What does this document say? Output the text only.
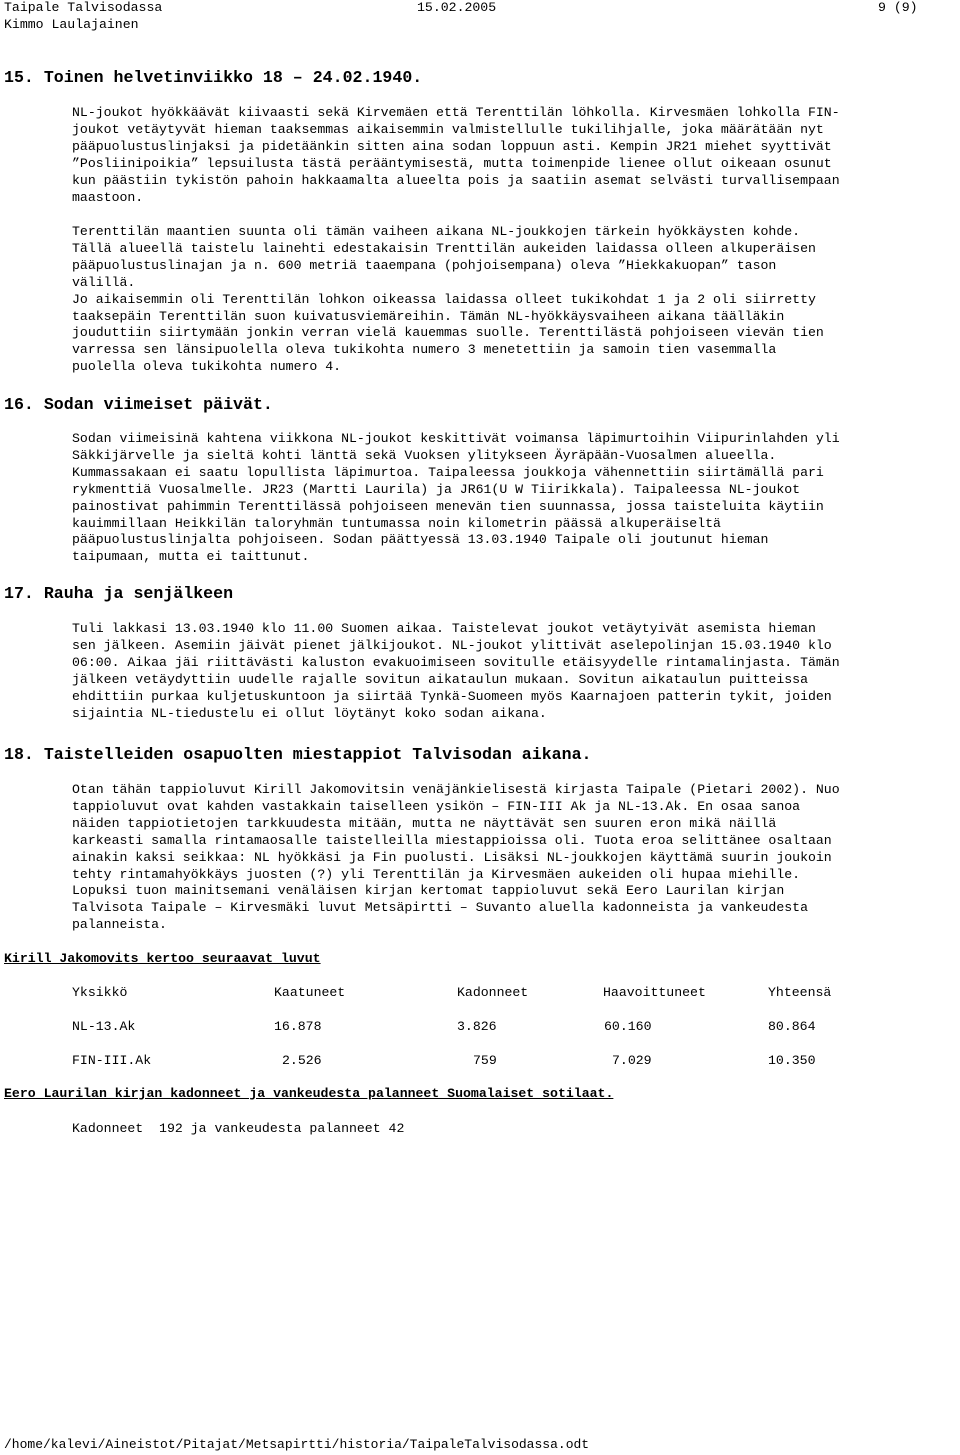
Taipale Talvisodassa	15.02.2005	9 (9)
Kimmo Laulajainen
15. Toinen helvetinviikko 18 – 24.02.1940.

NL-joukot hyökkäävät kiivaasti sekä Kirvemäen että Terenttilän löhkolla. Kirvesmäen lohkolla FIN-
joukot vetäytyvät hieman taaksemmas aikaisemmin valmistellulle tukilihjalle, joka määrätään nyt
pääpuolustuslinjaksi ja pidetäänkin sitten aina sodan loppuun asti. Kempin JR21 miehet syyttivät
”Posliinipoikia” lepsuilusta tästä perääntymisestä, mutta toimenpide lienee ollut oikeaan osunut
kun päästiin tykistön pahoin hakkaamalta alueelta pois ja saatiin asemat selvästi turvallisempaan
maastoon.

Terenttilän maantien suunta oli tämän vaiheen aikana NL-joukkojen tärkein hyökkäysten kohde.
Tällä alueellä taistelu lainehti edestakaisin Trenttilän aukeiden laidassa olleen alkuperäisen
pääpuolustuslinajan ja n. 600 metriä taaempana (pohjoisempana) oleva ”Hiekkakuopan” tason
välillä.
Jo aikaisemmin oli Terenttilän lohkon oikeassa laidassa olleet tukikohdat 1 ja 2 oli siirretty
taaksepäin Terenttilän suon kuivatusviemäreihin. Tämän NL-hyökkäysvaiheen aikana täälläkin
jouduttiin siirtymään jonkin verran vielä kauemmas suolle. Terenttilästä pohjoiseen vievän tien
varressa sen länsipuolella oleva tukikohta numero 3 menetettiin ja samoin tien vasemmalla
puolella oleva tukikohta numero 4.

16. Sodan viimeiset päivät.

Sodan viimeisinä kahtena viikkona NL-joukot keskittivät voimansa läpimurtoihin Viipurinlahden yli
Säkkijärvelle ja sieltä kohti länttä sekä Vuoksen ylitykseen Äyräpään-Vuosalmen alueella.
Kummassakaan ei saatu lopullista läpimurtoa. Taipaleessa joukkoja vähennettiin siirtämällä pari
rykmenttiä Vuosalmelle. JR23 (Martti Laurila) ja JR61(U W Tiirikkala). Taipaleessa NL-joukot
painostivat pahimmin Terenttilässä pohjoiseen menevän tien suunnassa, jossa taisteluita käytiin
kauimmillaan Heikkilän taloryhmän tuntumassa noin kilometrin päässä alkuperäiseltä
pääpuolustuslinjalta pohjoiseen. Sodan päättyessä 13.03.1940 Taipale oli joutunut hieman
taipumaan, mutta ei taittunut.

17. Rauha ja senjälkeen

Tuli lakkasi 13.03.1940 klo 11.00 Suomen aikaa. Taistelevat joukot vetäytyivät asemista hieman
sen jälkeen. Asemiin jäivät pienet jälkijoukot. NL-joukot ylittivät aselepolinjan 15.03.1940 klo
06:00. Aikaa jäi riittävästi kaluston evakuoimiseen sovitulle etäisyydelle rintamalinjasta. Tämän
jälkeen vetäydyttiin uudelle rajalle sovitun aikataulun mukaan. Sovitun aikataulun puitteissa
ehdittiin purkaa kuljetuskuntoon ja siirtää Tynkä-Suomeen myös Kaarnajoen patterin tykit, joiden
sijaintia NL-tiedustelu ei ollut löytänyt koko sodan aikana.

18. Taistelleiden osapuolten miestappiot Talvisodan aikana.

Otan tähän tappioluvut Kirill Jakomovitsin venäjänkielisestä kirjasta Taipale (Pietari 2002). Nuo
tappioluvut ovat kahden vastakkain taiselleen ysikön – FIN-III Ak ja NL-13.Ak. En osaa sanoa
näiden tappiotietojen tarkkuudesta mitään, mutta ne näyttävät sen suuren eron mikä näillä
karkeasti samalla rintamaosalle taistelleilla miestappioissa oli. Tuota eroa selittänee osaltaan
ainakin kaksi seikkaa: NL hyökkäsi ja Fin puolusti. Lisäksi NL-joukkojen käyttämä suurin joukoin
tehty rintamahyökkäys juosten (?) yli Terenttilän ja Kirvesmäen aukeiden oli hupaa miehille.
Lopuksi tuon mainitsemani venäläisen kirjan kertomat tappioluvut sekä Eero Laurilan kirjan
Talvisota Taipale – Kirvesmäki luvut Metsäpirtti – Suvanto aluella kadonneista ja vankeudesta
palanneista.

Kirill Jakomovits kertoo seuraavat luvut
Yksikkö	Kaatuneet	Kadonneet	Haavoittuneet	Yhteensä
NL-13.Ak	16.878	3.826	60.160	80.864
FIN-III.Ak	2.526	759	7.029	10.350
Eero Laurilan kirjan kadonneet ja vankeudesta palanneet Suomalaiset sotilaat.
Kadonneet  192 ja vankeudesta palanneet 42
/home/kalevi/Aineistot/Pitajat/Metsapirtti/historia/TaipaleTalvisodassa.odt
